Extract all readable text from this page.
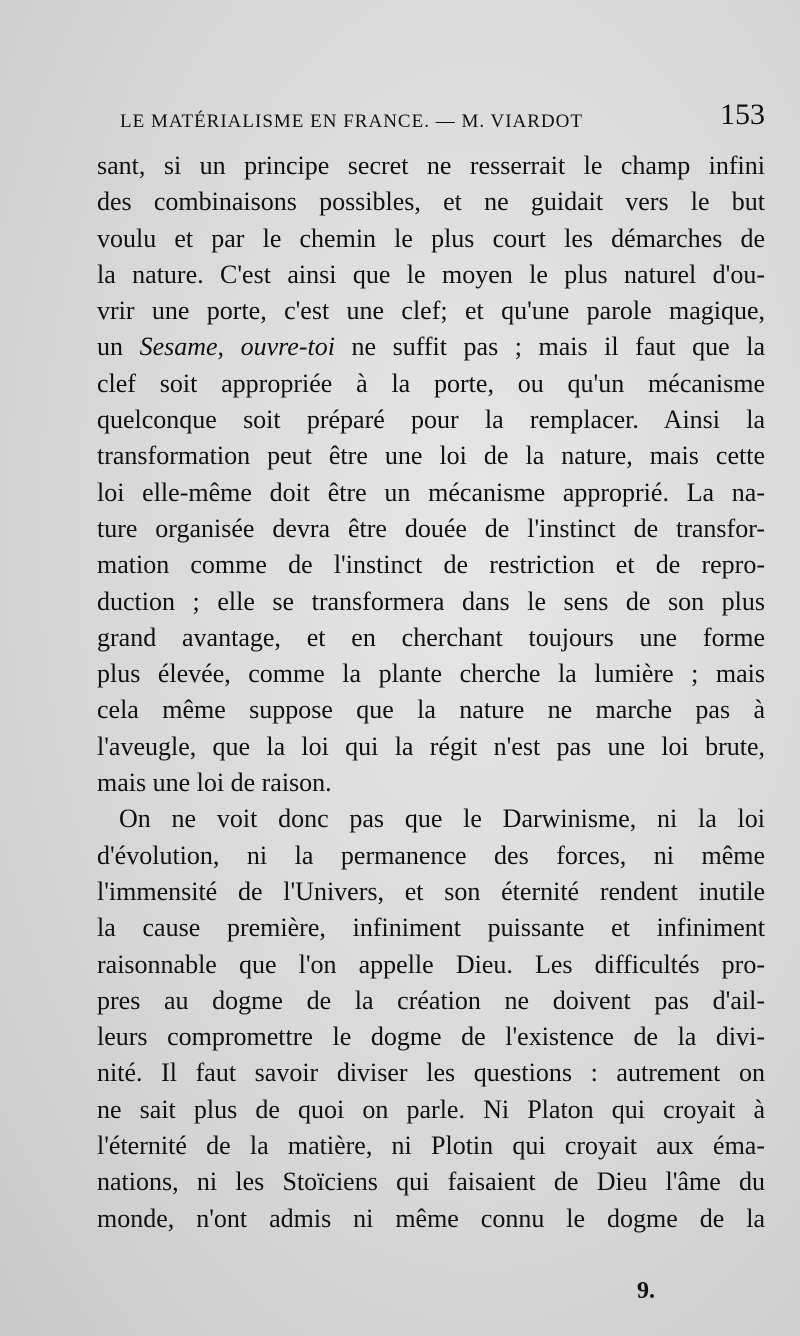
LE MATÉRIALISME EN FRANCE. — M. VIARDOT	153
sant, si un principe secret ne resserrait le champ infini
des combinaisons possibles, et ne guidait vers le but
voulu et par le chemin le plus court les démarches de
la nature. C'est ainsi que le moyen le plus naturel d'ou-
vrir une porte, c'est une clef; et qu'une parole magique,
un Sesame, ouvre-toi ne suffit pas ; mais il faut que la
clef soit appropriée à la porte, ou qu'un mécanisme
quelconque soit préparé pour la remplacer. Ainsi la
transformation peut être une loi de la nature, mais cette
loi elle-même doit être un mécanisme approprié. La na-
ture organisée devra être douée de l'instinct de transfor-
mation comme de l'instinct de restriction et de repro-
duction ; elle se transformera dans le sens de son plus
grand avantage, et en cherchant toujours une forme
plus élevée, comme la plante cherche la lumière ; mais
cela même suppose que la nature ne marche pas à
l'aveugle, que la loi qui la régit n'est pas une loi brute,
mais une loi de raison.
On ne voit donc pas que le Darwinisme, ni la loi
d'évolution, ni la permanence des forces, ni même
l'immensité de l'Univers, et son éternité rendent inutile
la cause première, infiniment puissante et infiniment
raisonnable que l'on appelle Dieu. Les difficultés pro-
pres au dogme de la création ne doivent pas d'ail-
leurs compromettre le dogme de l'existence de la divi-
nité. Il faut savoir diviser les questions : autrement on
ne sait plus de quoi on parle. Ni Platon qui croyait à
l'éternité de la matière, ni Plotin qui croyait aux éma-
nations, ni les Stoïciens qui faisaient de Dieu l'âme du
monde, n'ont admis ni même connu le dogme de la
9.
